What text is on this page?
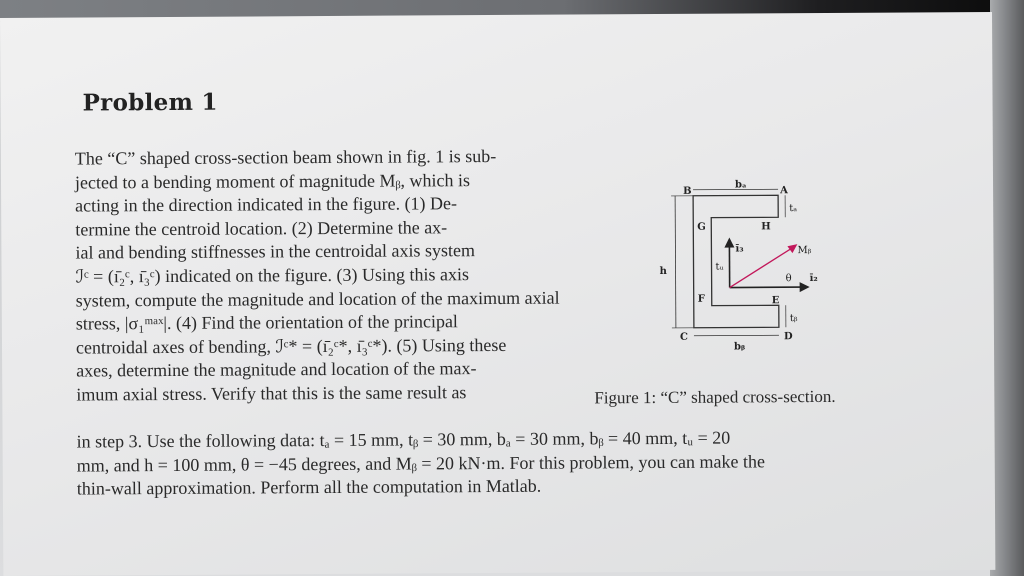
Problem 1
The “C” shaped cross-section beam shown in fig. 1 is sub-
jected to a bending moment of magnitude Mᵦ, which is
acting in the direction indicated in the figure. (1) De-
termine the centroid location. (2) Determine the ax-
ial and bending stiffnesses in the centroidal axis system
ℐᶜ = (ı̄₂ᶜ, ı̄₃ᶜ) indicated on the figure. (3) Using this axis
system, compute the magnitude and location of the maximum axial
stress, |σ₁ᵐᵃˣ|. (4) Find the orientation of the principal
centroidal axes of bending, ℐᶜ* = (ı̄₂ᶜ*, ı̄₃ᶜ*). (5) Using these
axes, determine the magnitude and location of the max-
imum axial stress. Verify that this is the same result as
in step 3. Use the following data: tₐ = 15 mm, tᵦ = 30 mm, bₐ = 30 mm, bᵦ = 40 mm, tᵤ = 20
mm, and h = 100 mm, θ = −45 degrees, and Mᵦ = 20 kN·m. For this problem, you can make the
thin-wall approximation. Perform all the computation in Matlab.
h
bₐ
bᵦ
tₐ
tᵦ
B	A
G	H
F	E
C	D
tᵤ
ı̄₃
ı̄₂
Mᵦ
θ
Figure 1: “C” shaped cross-section.
